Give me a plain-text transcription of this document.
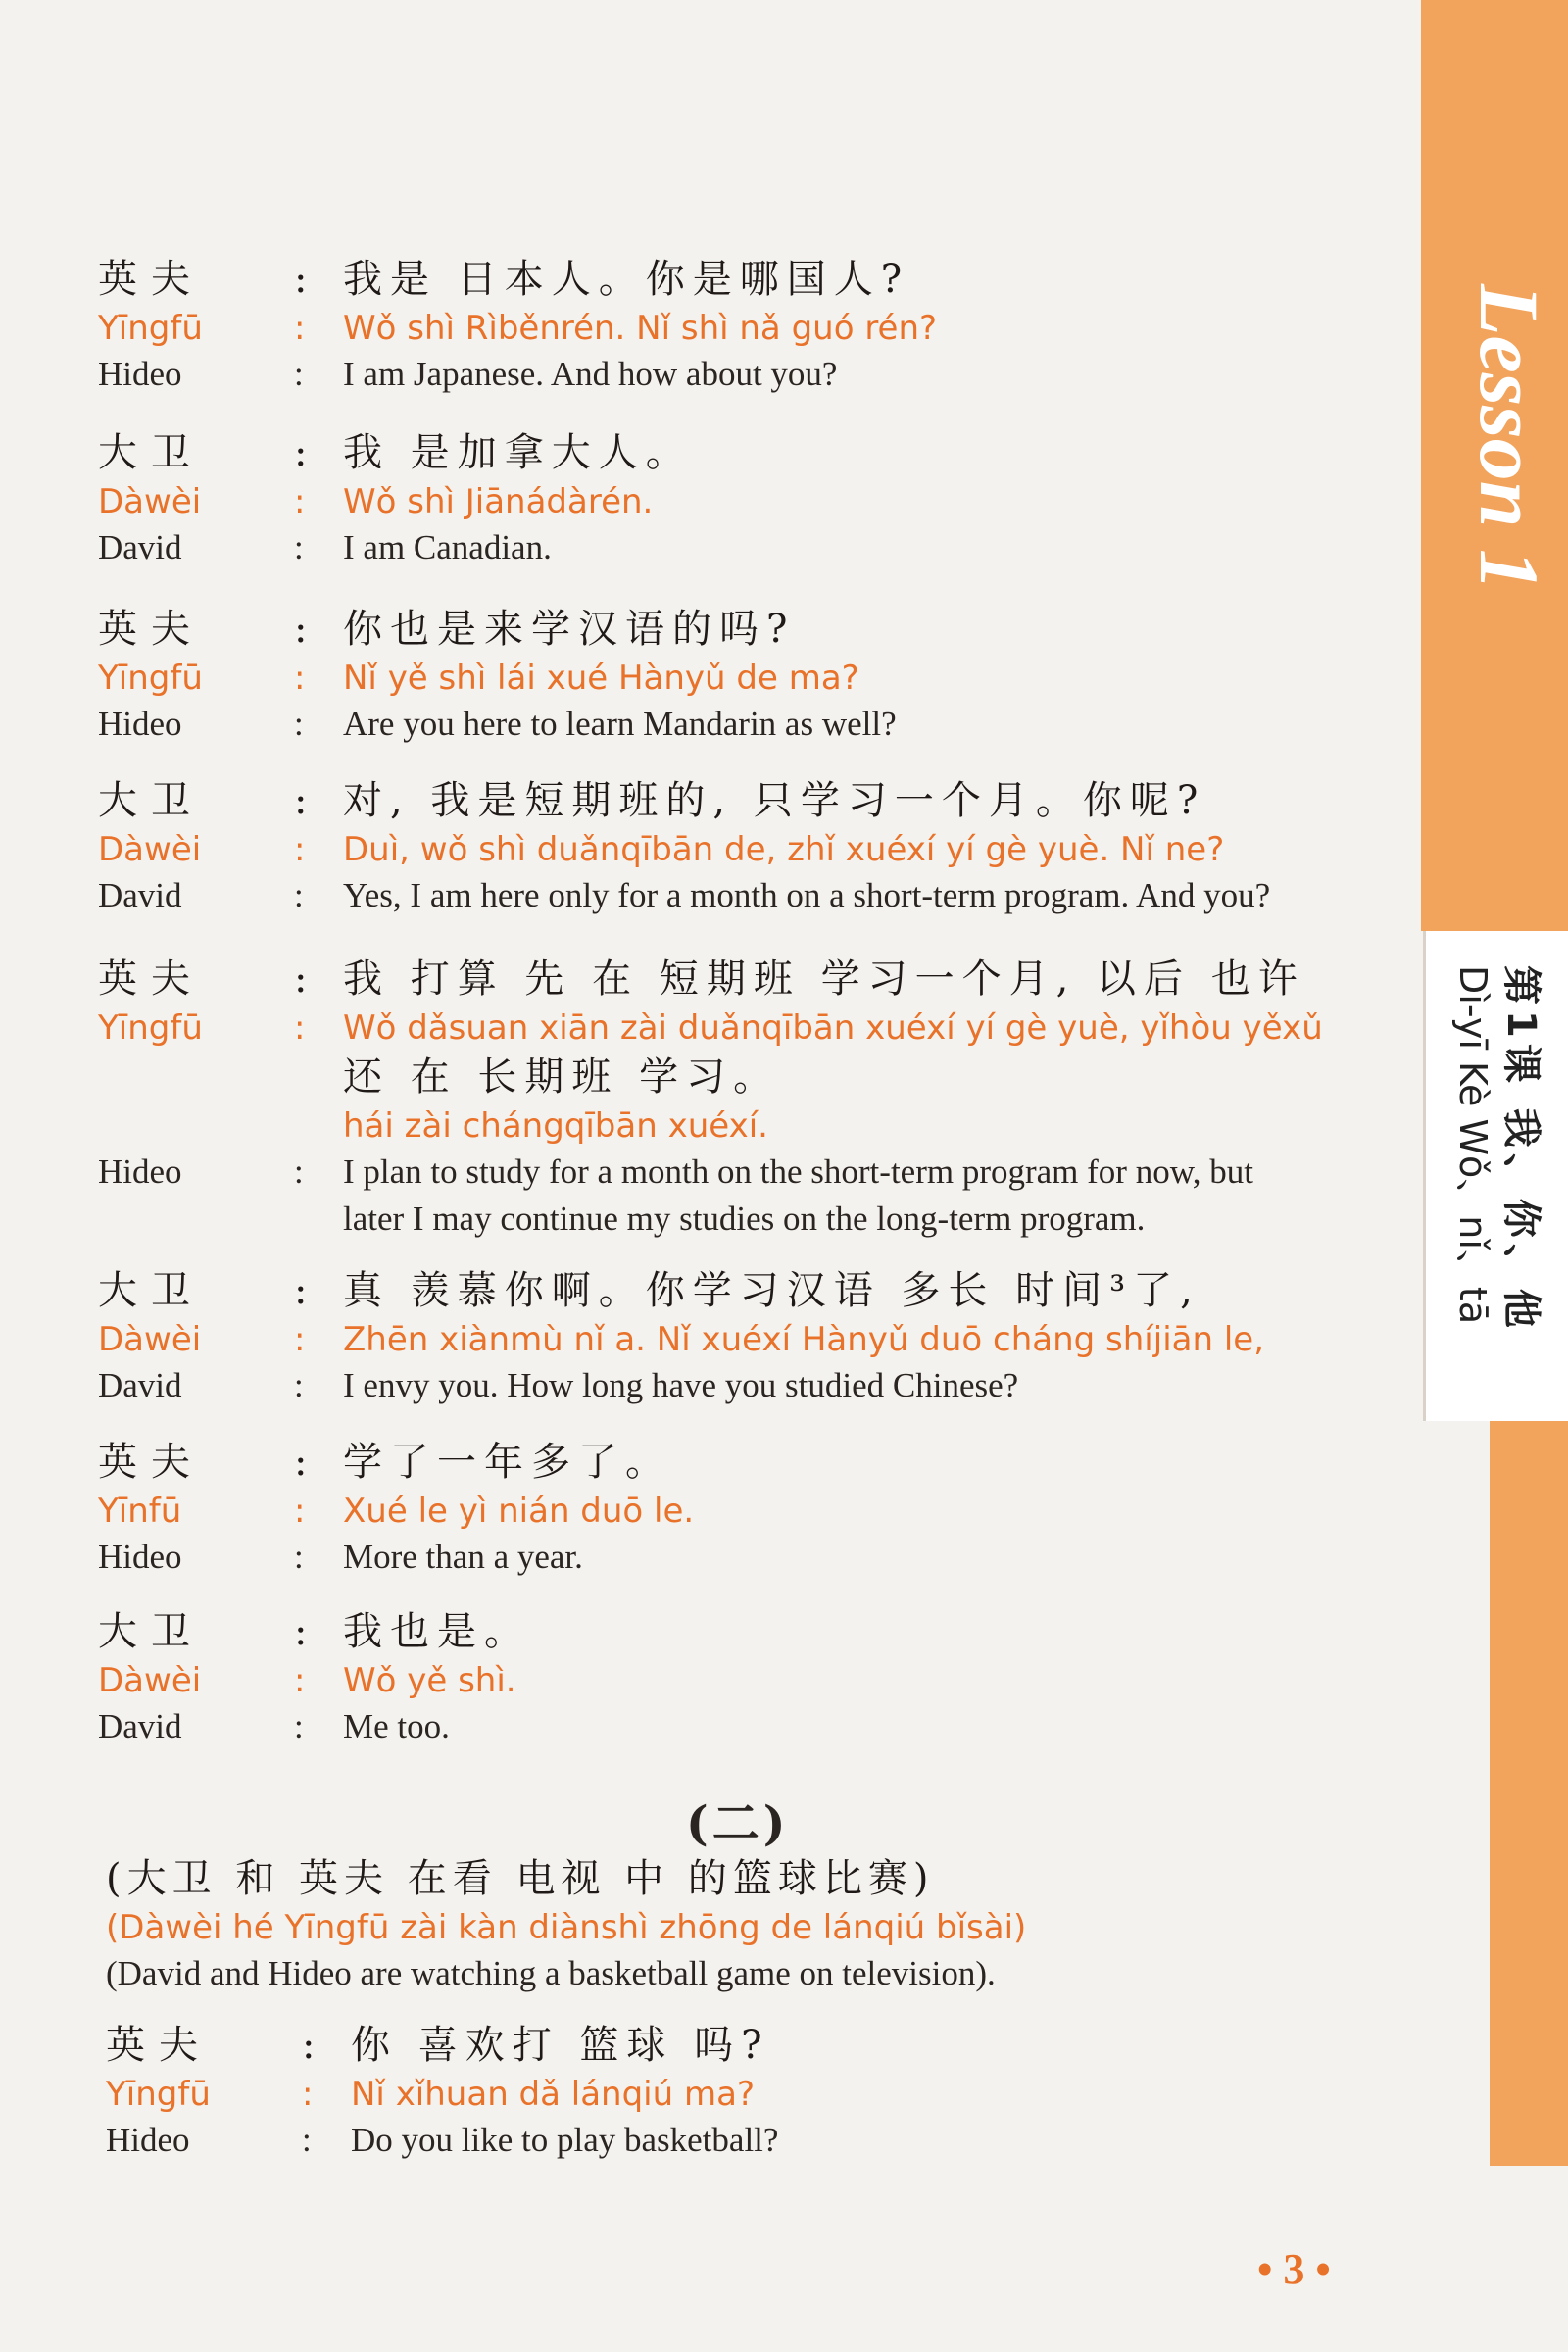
Lesson 1
第1课 我、你、他
Dì-yī Kè Wǒ、nǐ、tā
英夫	: 我是 日本人。你是哪国人?
Yīngfū	:	Wǒ shì Rìběnrén. Nǐ shì nǎ guó rén?
Hideo	:	I am Japanese. And how about you?
大卫	: 我 是加拿大人。
Dàwèi	:	Wǒ shì Jiānádàrén.
David	:	I am Canadian.
英夫	: 你也是来学汉语的吗?
Yīngfū	:	Nǐ yě shì lái xué Hànyǔ de ma?
Hideo	:	Are you here to learn Mandarin as well?
大卫	: 对, 我是短期班的, 只学习一个月。你呢?
Dàwèi	:	Duì, wǒ shì duǎnqībān de, zhǐ xuéxí yí gè yuè. Nǐ ne?
David	:	Yes, I am here only for a month on a short-term program. And you?
英夫	: 我 打算 先 在 短期班 学习一个月, 以后 也许
Yīngfū	:	Wǒ dǎsuan xiān zài duǎnqībān xuéxí yí gè yuè, yǐhòu yěxǔ
还 在 长期班 学习。
hái zài chángqībān xuéxí.
Hideo	:	I plan to study for a month on the short-term program for now, but
later I may continue my studies on the long-term program.
大卫	: 真 羡慕你啊。你学习汉语 多长 时间³了,
Dàwèi	:	Zhēn xiànmù nǐ a. Nǐ xuéxí Hànyǔ duō cháng shíjiān le,
David	:	I envy you. How long have you studied Chinese?
英夫	: 学了一年多了。
Yīnfū	:	Xué le yì nián duō le.
Hideo	:	More than a year.
大卫	: 我也是。
Dàwèi	:	Wǒ yě shì.
David	:	Me too.
(二)
(大卫 和 英夫 在看 电视 中 的篮球比赛)
(Dàwèi hé Yīngfū zài kàn diànshì zhōng de lánqiú bǐsài)
(David and Hideo are watching a basketball game on television).
英夫	: 你 喜欢打 篮球 吗?
Yīngfū	:	Nǐ xǐhuan dǎ lánqiú ma?
Hideo	:	Do you like to play basketball?
• 3 •
